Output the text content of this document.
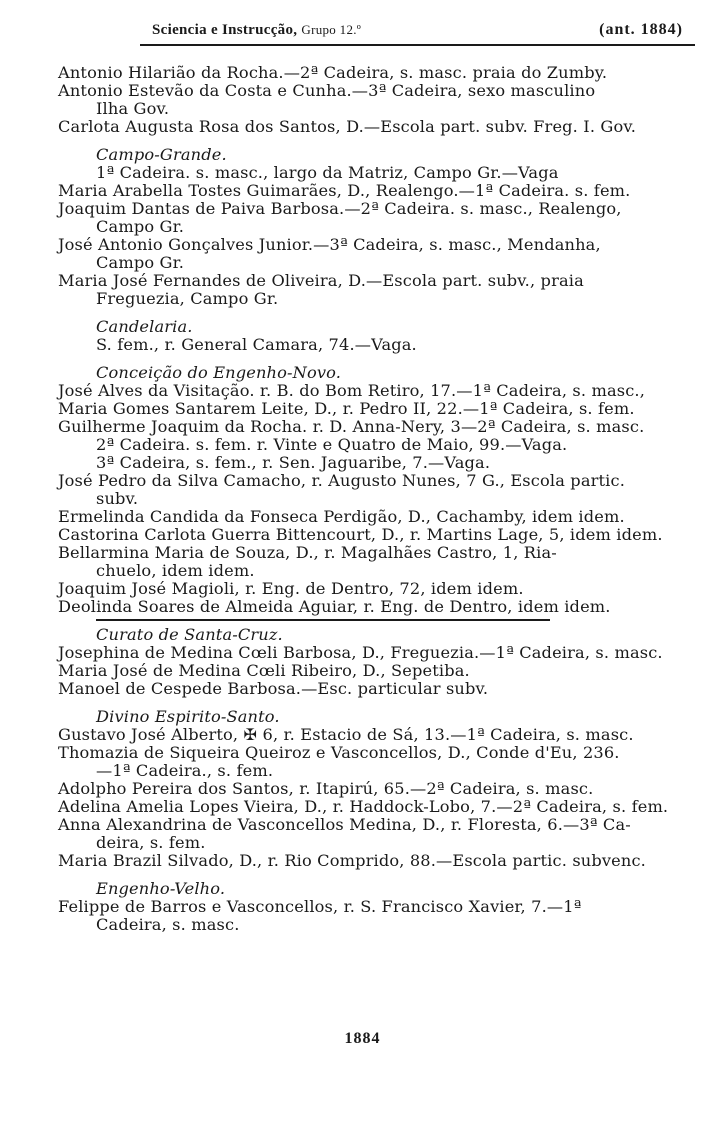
Sciencia e Instrucção, Grupo 12.º	(ant. 1884)
Antonio Hilarião da Rocha.—2ª Cadeira, s. masc. praia do Zumby.
Antonio Estevão da Costa e Cunha.—3ª Cadeira, sexo masculino
Ilha Gov.
Carlota Augusta Rosa dos Santos, D.—Escola part. subv. Freg. I. Gov.
Campo-Grande.
1ª Cadeira. s. masc., largo da Matriz, Campo Gr.—Vaga
Maria Arabella Tostes Guimarães, D., Realengo.—1ª Cadeira. s. fem.
Joaquim Dantas de Paiva Barbosa.—2ª Cadeira. s. masc., Realengo,
Campo Gr.
José Antonio Gonçalves Junior.—3ª Cadeira, s. masc., Mendanha,
Campo Gr.
Maria José Fernandes de Oliveira, D.—Escola part. subv., praia
Freguezia, Campo Gr.
Candelaria.
S. fem., r. General Camara, 74.—Vaga.
Conceição do Engenho-Novo.
José Alves da Visitação. r. B. do Bom Retiro, 17.—1ª Cadeira, s. masc.,
Maria Gomes Santarem Leite, D., r. Pedro II, 22.—1ª Cadeira, s. fem.
Guilherme Joaquim da Rocha. r. D. Anna-Nery, 3—2ª Cadeira, s. masc.
2ª Cadeira. s. fem. r. Vinte e Quatro de Maio, 99.—Vaga.
3ª Cadeira, s. fem., r. Sen. Jaguaribe, 7.—Vaga.
José Pedro da Silva Camacho, r. Augusto Nunes, 7 G., Escola partic.
subv.
Ermelinda Candida da Fonseca Perdigão, D., Cachamby, idem idem.
Castorina Carlota Guerra Bittencourt, D., r. Martins Lage, 5, idem idem.
Bellarmina Maria de Souza, D., r. Magalhães Castro, 1, Ria-
chuelo, idem idem.
Joaquim José Magioli, r. Eng. de Dentro, 72, idem idem.
Deolinda Soares de Almeida Aguiar, r. Eng. de Dentro, idem idem.
Curato de Santa-Cruz.
Josephina de Medina Cœli Barbosa, D., Freguezia.—1ª Cadeira, s. masc.
Maria José de Medina Cœli Ribeiro, D., Sepetiba.
Manoel de Cespede Barbosa.—Esc. particular subv.
Divino Espirito-Santo.
Gustavo José Alberto, ✠ 6, r. Estacio de Sá, 13.—1ª Cadeira, s. masc.
Thomazia de Siqueira Queiroz e Vasconcellos, D., Conde d'Eu, 236.
—1ª Cadeira., s. fem.
Adolpho Pereira dos Santos, r. Itapirú, 65.—2ª Cadeira, s. masc.
Adelina Amelia Lopes Vieira, D., r. Haddock-Lobo, 7.—2ª Cadeira, s. fem.
Anna Alexandrina de Vasconcellos Medina, D., r. Floresta, 6.—3ª Ca-
deira, s. fem.
Maria Brazil Silvado, D., r. Rio Comprido, 88.—Escola partic. subvenc.
Engenho-Velho.
Felippe de Barros e Vasconcellos, r. S. Francisco Xavier, 7.—1ª
Cadeira, s. masc.
1884
